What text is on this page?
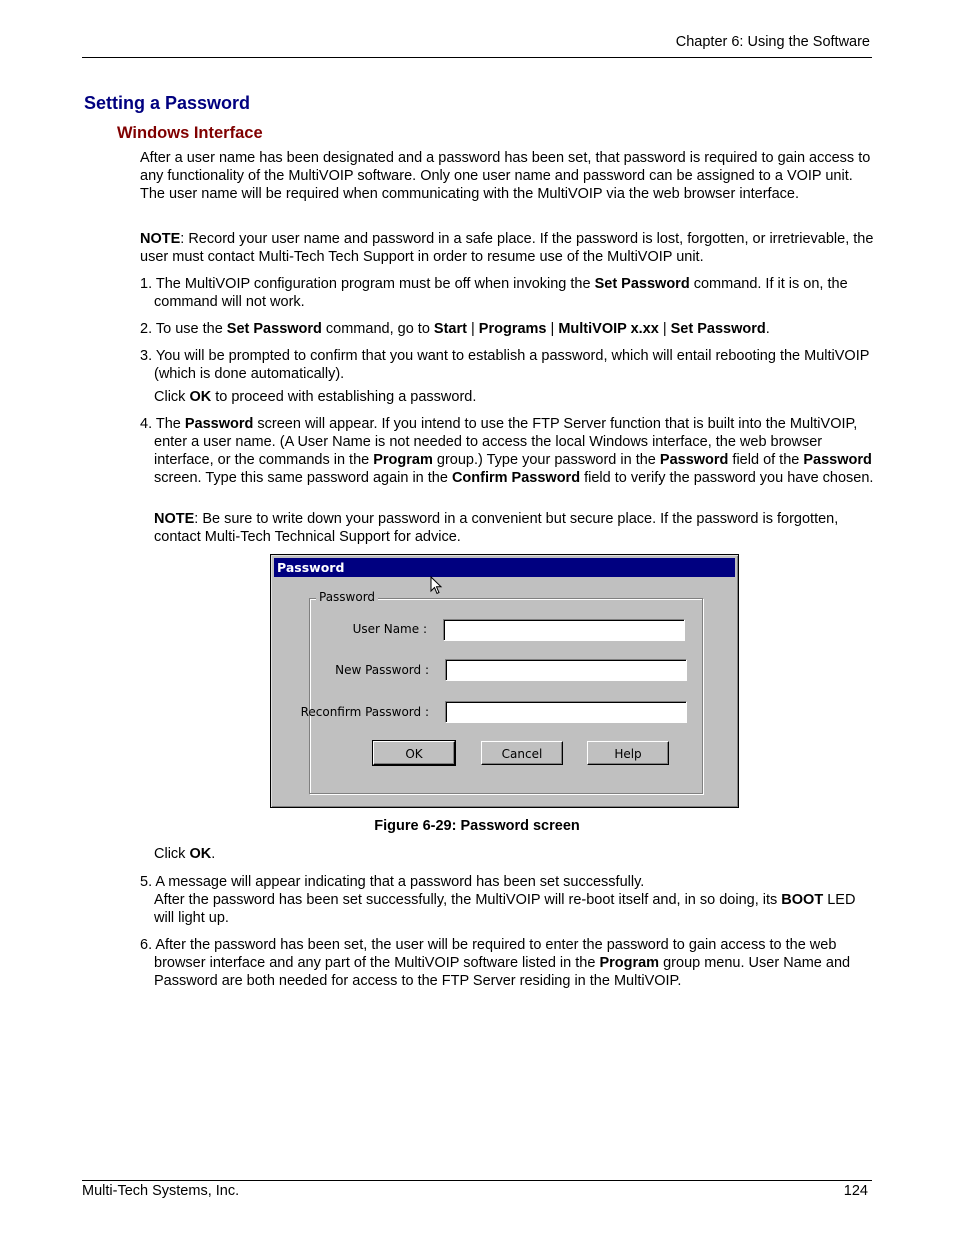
Chapter 6: Using the Software
Setting a Password
Windows Interface

After a user name has been designated and a password has been set, that password is required to gain access to any functionality of the MultiVOIP software. Only one user name and password can be assigned to a VOIP unit. The user name will be required when communicating with the MultiVOIP via the web browser interface.

NOTE: Record your user name and password in a safe place. If the password is lost, forgotten, or irretrievable, the user must contact Multi-Tech Tech Support in order to resume use of the MultiVOIP unit.

1. The MultiVOIP configuration program must be off when invoking the Set Password command. If it is on, the command will not work.
2. To use the Set Password command, go to Start | Programs | MultiVOIP x.xx | Set Password.
3. You will be prompted to confirm that you want to establish a password, which will entail rebooting the MultiVOIP (which is done automatically).
Click OK to proceed with establishing a password.
4. The Password screen will appear. If you intend to use the FTP Server function that is built into the MultiVOIP, enter a user name. (A User Name is not needed to access the local Windows interface, the web browser interface, or the commands in the Program group.) Type your password in the Password field of the Password screen. Type this same password again in the Confirm Password field to verify the password you have chosen.
NOTE: Be sure to write down your password in a convenient but secure place. If the password is forgotten, contact Multi-Tech Technical Support for advice.
Password
Password
User Name :
New Password :
Reconfirm Password :
OK	Cancel	Help
Figure 6-29: Password screen
Click OK.
5. A message will appear indicating that a password has been set successfully.
After the password has been set successfully, the MultiVOIP will re-boot itself and, in so doing, its BOOT LED will light up.
6. After the password has been set, the user will be required to enter the password to gain access to the web browser interface and any part of the MultiVOIP software listed in the Program group menu. User Name and Password are both needed for access to the FTP Server residing in the MultiVOIP.
Multi-Tech Systems, Inc.	124
